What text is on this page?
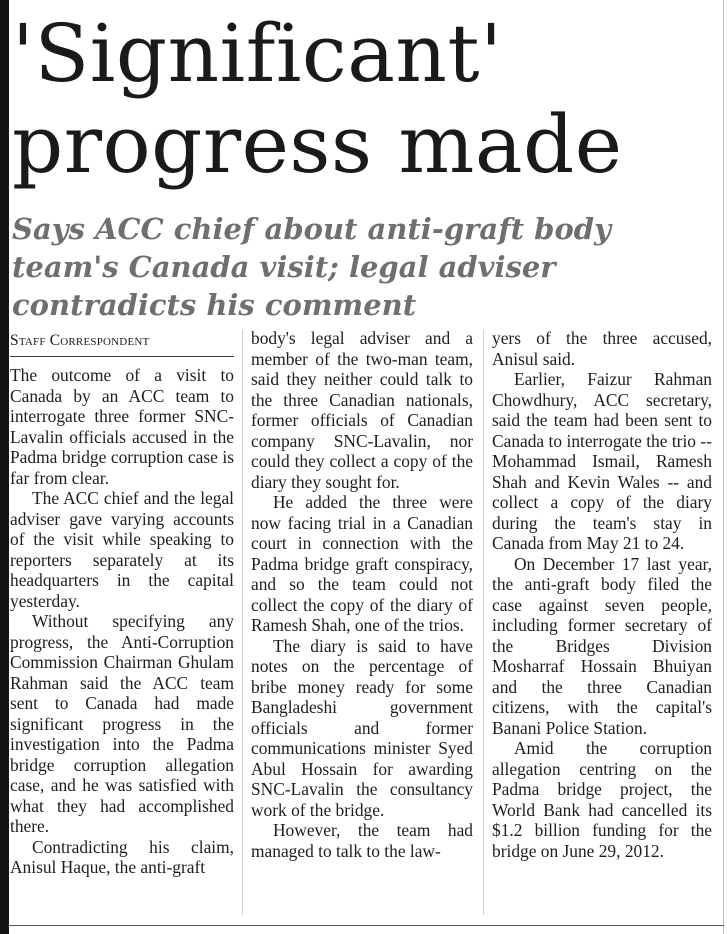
'Significant'
progress made
Says ACC chief about anti-graft body
team's Canada visit; legal adviser
contradicts his comment
Staff Correspondent

The outcome of a visit to Canada by an ACC team to interrogate three former SNC-Lavalin officials accused in the Padma bridge corruption case is far from clear.

The ACC chief and the legal adviser gave varying accounts of the visit while speaking to reporters separately at its headquarters in the capital yesterday.

Without specifying any progress, the Anti-Corruption Commission Chairman Ghulam Rahman said the ACC team sent to Canada had made significant progress in the investigation into the Padma bridge corruption allegation case, and he was satisfied with what they had accomplished there.

Contradicting his claim, Anisul Haque, the anti-graft

body's legal adviser and a member of the two-man team, said they neither could talk to the three Canadian nationals, former officials of Canadian company SNC-Lavalin, nor could they collect a copy of the diary they sought for.

He added the three were now facing trial in a Canadian court in connection with the Padma bridge graft conspiracy, and so the team could not collect the copy of the diary of Ramesh Shah, one of the trios.

The diary is said to have notes on the percentage of bribe money ready for some Bangladeshi government officials and former communications minister Syed Abul Hossain for awarding SNC-Lavalin the consultancy work of the bridge.

However, the team had managed to talk to the law-

yers of the three accused, Anisul said.

Earlier, Faizur Rahman Chowdhury, ACC secretary, said the team had been sent to Canada to interrogate the trio -- Mohammad Ismail, Ramesh Shah and Kevin Wales -- and collect a copy of the diary during the team's stay in Canada from May 21 to 24.

On December 17 last year, the anti-graft body filed the case against seven people, including former secretary of the Bridges Division Mosharraf Hossain Bhuiyan and the three Canadian citizens, with the capital's Banani Police Station.

Amid the corruption allegation centring on the Padma bridge project, the World Bank had cancelled its $1.2 billion funding for the bridge on June 29, 2012.
